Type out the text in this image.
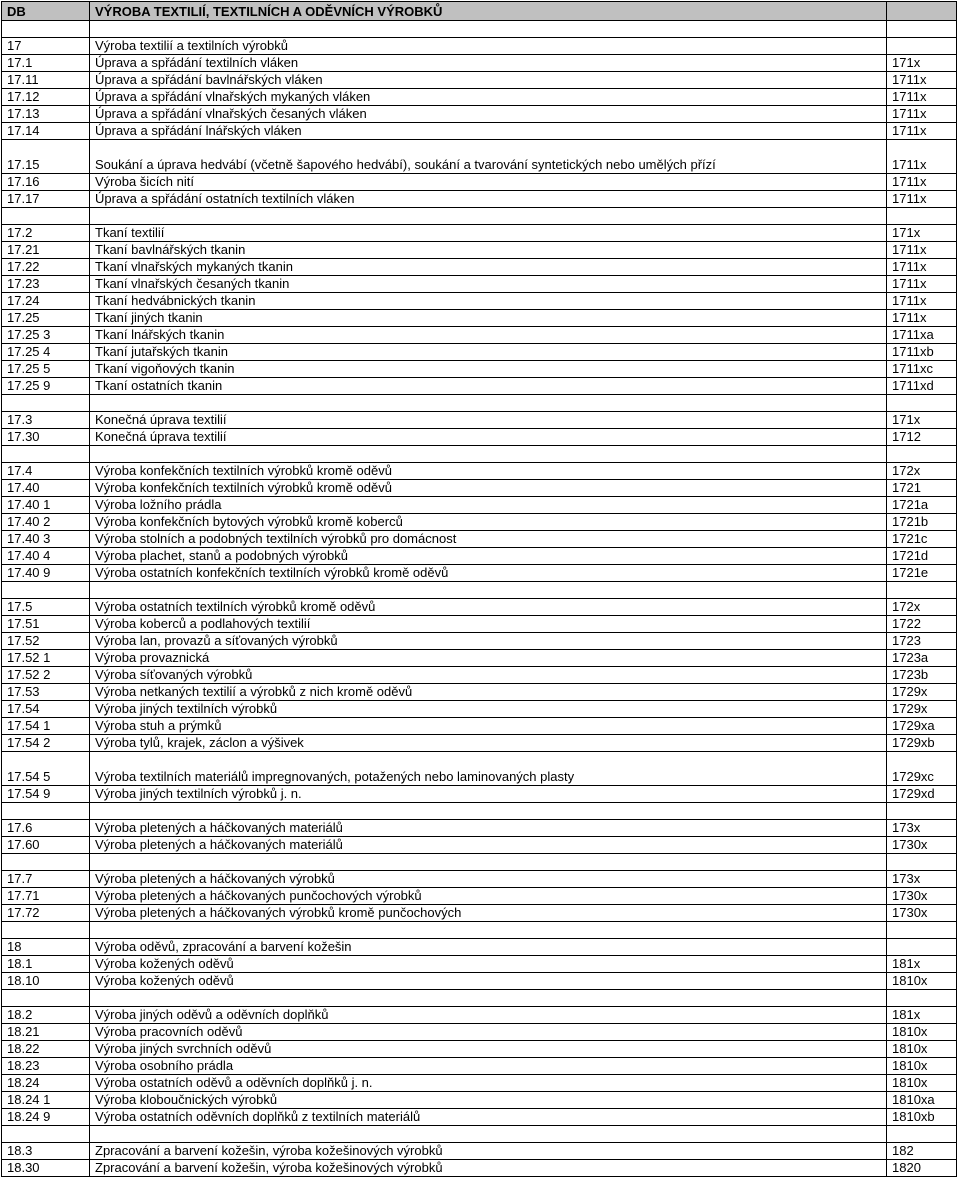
DB	VÝROBA TEXTILIÍ, TEXTILNÍCH A ODĚVNÍCH VÝROBKŮ	

17	Výroba textilií a textilních výrobků	
17.1	Úprava a spřádání textilních vláken	171x
17.11	Úprava a spřádání bavlnářských vláken	1711x
17.12	Úprava a spřádání vlnařských mykaných vláken	1711x
17.13	Úprava a spřádání vlnařských česaných vláken	1711x
17.14	Úprava a spřádání lnářských vláken	1711x
17.15	Soukání a úprava hedvábí (včetně šapového hedvábí), soukání a tvarování syntetických nebo umělých přízí	1711x
17.16	Výroba šicích nití	1711x
17.17	Úprava a spřádání ostatních textilních vláken	1711x

17.2	Tkaní textilií	171x
17.21	Tkaní bavlnářských tkanin	1711x
17.22	Tkaní vlnařských mykaných tkanin	1711x
17.23	Tkaní vlnařských česaných tkanin	1711x
17.24	Tkaní hedvábnických tkanin	1711x
17.25	Tkaní jiných tkanin	1711x
17.25 3	Tkaní lnářských tkanin	1711xa
17.25 4	Tkaní jutařských tkanin	1711xb
17.25 5	Tkaní vigoňových tkanin	1711xc
17.25 9	Tkaní ostatních tkanin	1711xd

17.3	Konečná úprava textilií	171x
17.30	Konečná úprava textilií	1712

17.4	Výroba konfekčních textilních výrobků kromě oděvů	172x
17.40	Výroba konfekčních textilních výrobků kromě oděvů	1721
17.40 1	Výroba ložního prádla	1721a
17.40 2	Výroba konfekčních bytových výrobků kromě koberců	1721b
17.40 3	Výroba stolních a podobných textilních výrobků pro domácnost	1721c
17.40 4	Výroba plachet, stanů a podobných výrobků	1721d
17.40 9	Výroba ostatních konfekčních textilních výrobků kromě oděvů	1721e

17.5	Výroba ostatních textilních výrobků kromě oděvů	172x
17.51	Výroba koberců a podlahových textilií	1722
17.52	Výroba lan, provazů a síťovaných výrobků	1723
17.52 1	Výroba provaznická	1723a
17.52 2	Výroba síťovaných výrobků	1723b
17.53	Výroba netkaných textilií a výrobků z nich kromě oděvů	1729x
17.54	Výroba jiných textilních výrobků	1729x
17.54 1	Výroba stuh a prýmků	1729xa
17.54 2	Výroba tylů, krajek, záclon a výšivek	1729xb
17.54 5	Výroba textilních materiálů impregnovaných, potažených nebo laminovaných plasty	1729xc
17.54 9	Výroba jiných textilních výrobků j. n.	1729xd

17.6	Výroba pletených a háčkovaných materiálů	173x
17.60	Výroba pletených a háčkovaných materiálů	1730x

17.7	Výroba pletených a háčkovaných výrobků	173x
17.71	Výroba pletených a háčkovaných punčochových výrobků	1730x
17.72	Výroba pletených a háčkovaných výrobků kromě punčochových	1730x

18	Výroba oděvů, zpracování a barvení kožešin	
18.1	Výroba kožených oděvů	181x
18.10	Výroba kožených oděvů	1810x

18.2	Výroba jiných oděvů a oděvních doplňků	181x
18.21	Výroba pracovních oděvů	1810x
18.22	Výroba jiných svrchních oděvů	1810x
18.23	Výroba osobního prádla	1810x
18.24	Výroba ostatních oděvů a oděvních doplňků j. n.	1810x
18.24 1	Výroba kloboučnických výrobků	1810xa
18.24 9	Výroba ostatních oděvních doplňků z textilních materiálů	1810xb

18.3	Zpracování a barvení kožešin, výroba kožešinových výrobků	182
18.30	Zpracování a barvení kožešin, výroba kožešinových výrobků	1820
